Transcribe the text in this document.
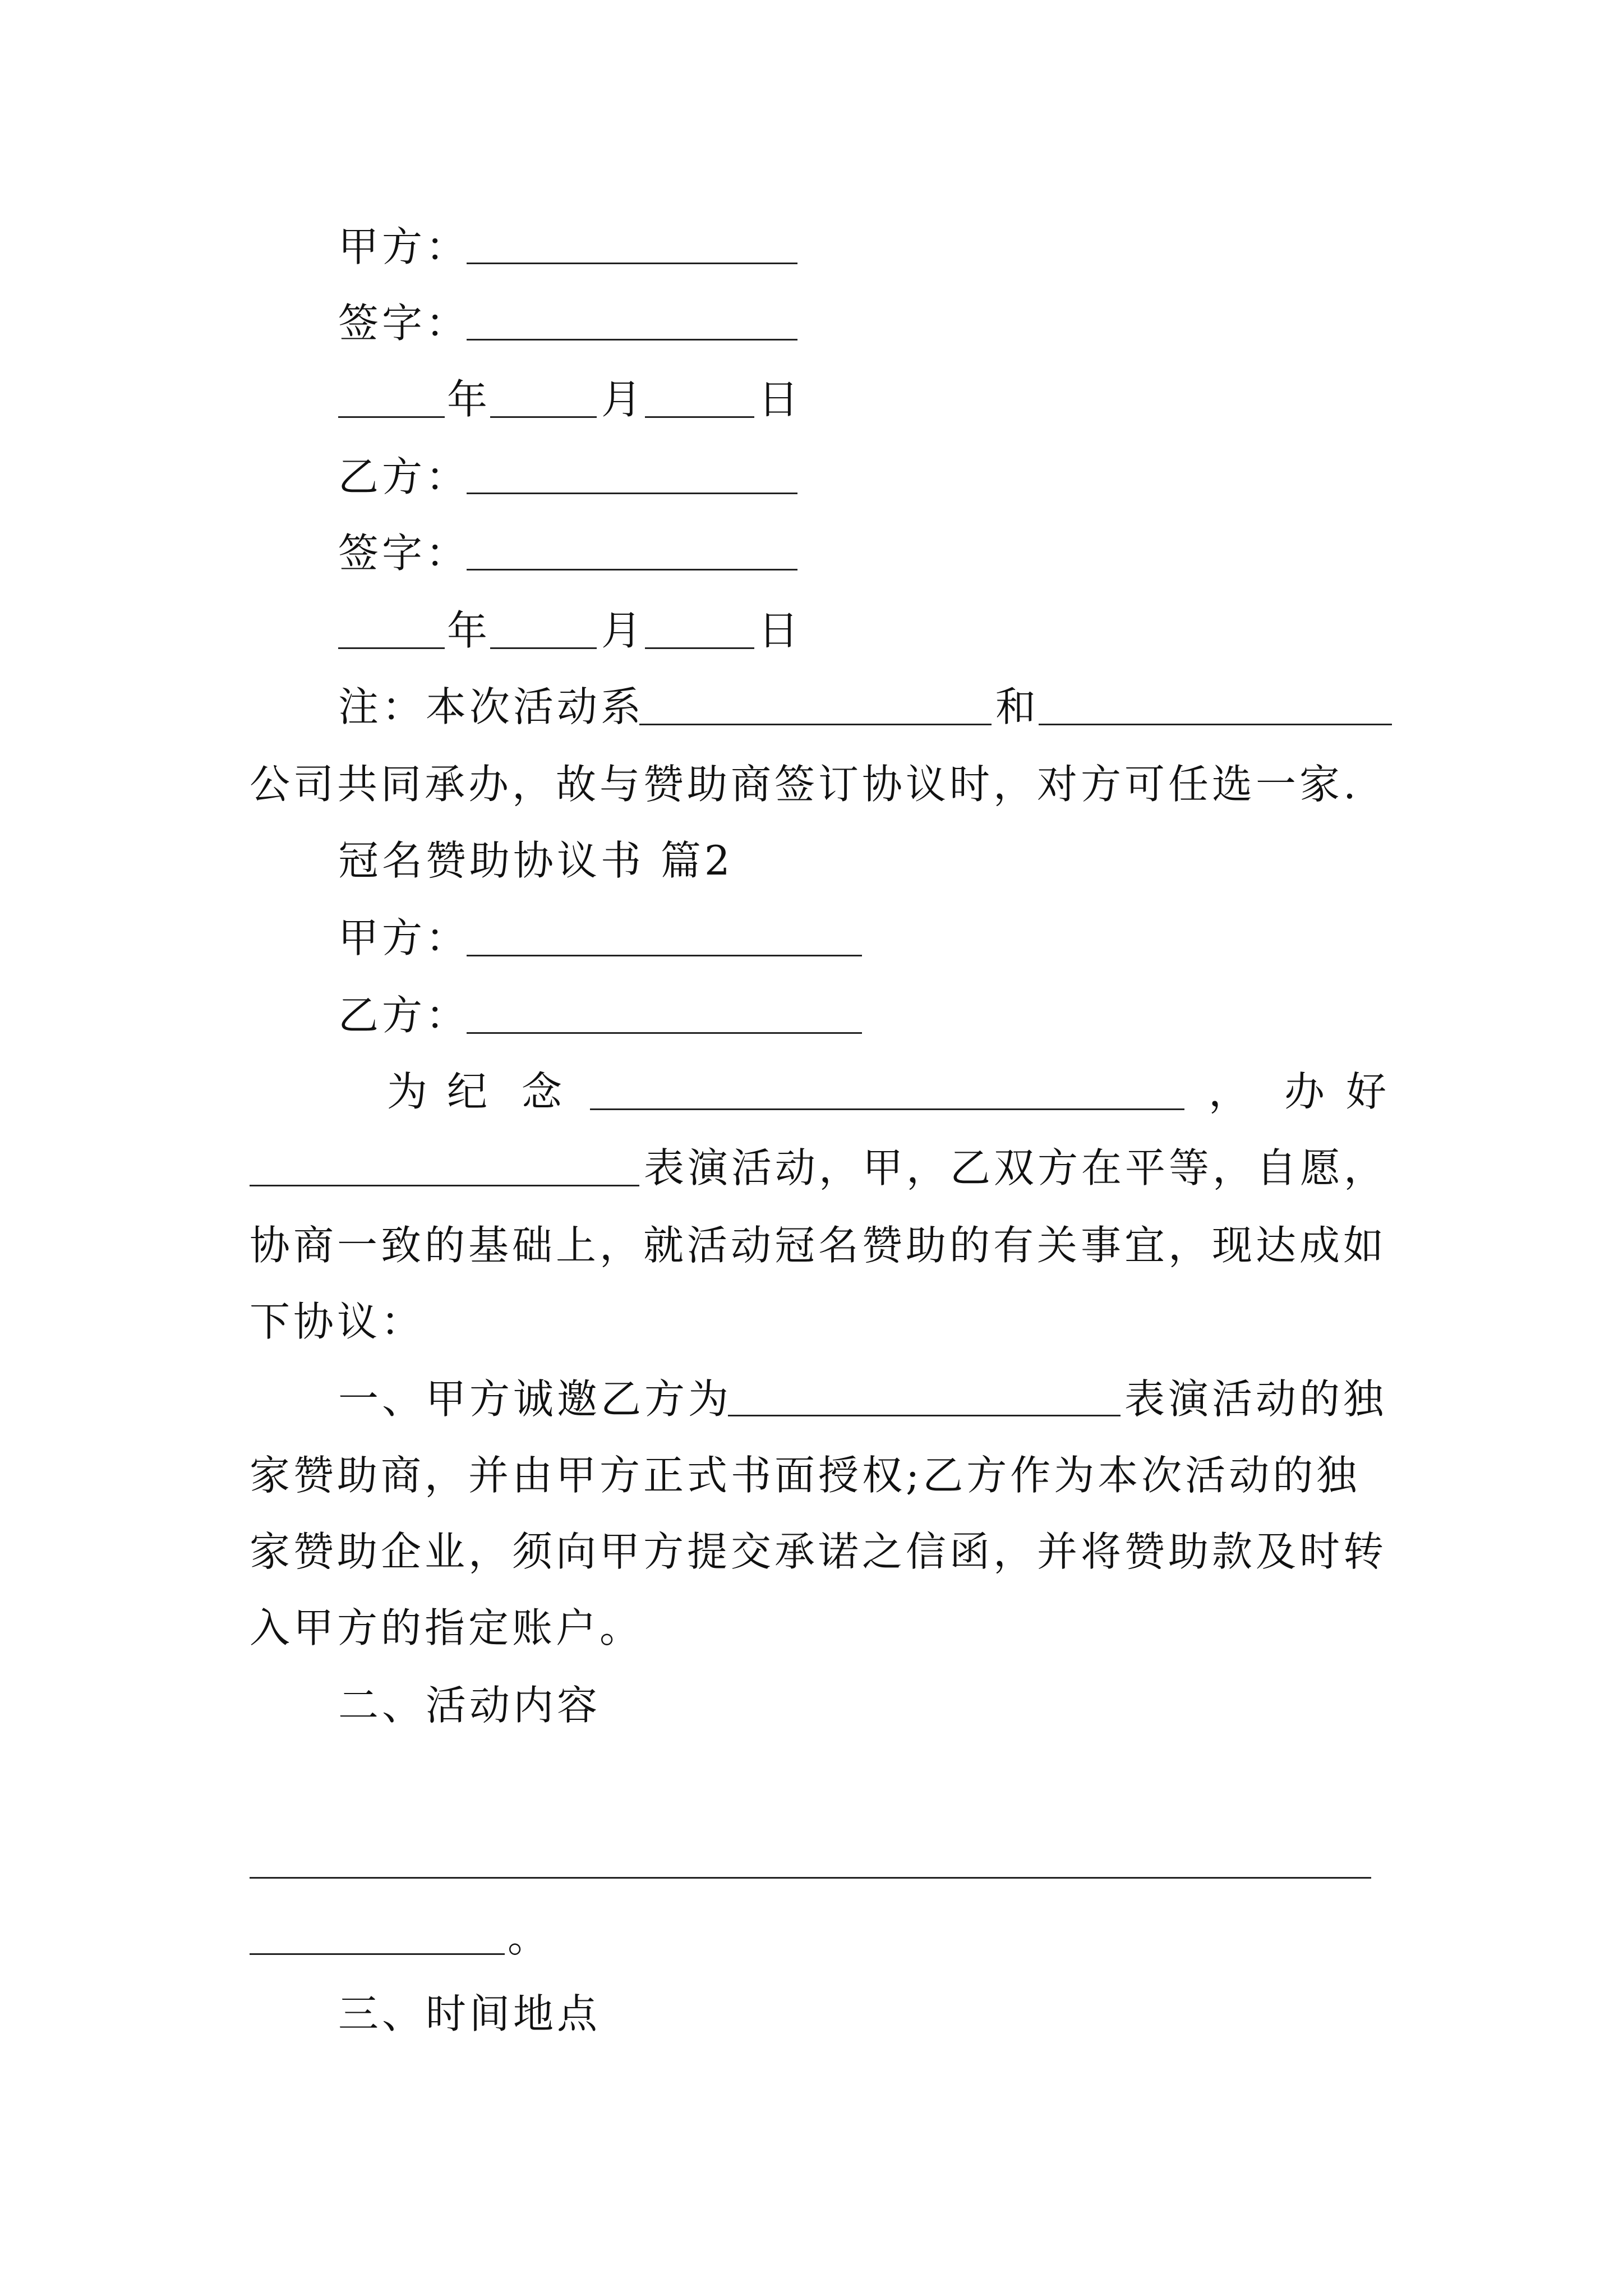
甲方：
签字：
年	月	日
乙方：
签字：
年	月	日
注：本次活动系	和
公司共同承办，故与赞助商签订协议时，对方可任选一家.
冠名赞助协议书 篇2
甲方：
乙方：
为 纪 念	， 办 好
表演活动，甲，乙双方在平等，自愿，
协商一致的基础上，就活动冠名赞助的有关事宜，现达成如
下协议：
一、甲方诚邀乙方为	表演活动的独
家赞助商，并由甲方正式书面授权;乙方作为本次活动的独
家赞助企业，须向甲方提交承诺之信函，并将赞助款及时转
入甲方的指定账户。
二、活动内容
。
三、时间地点
